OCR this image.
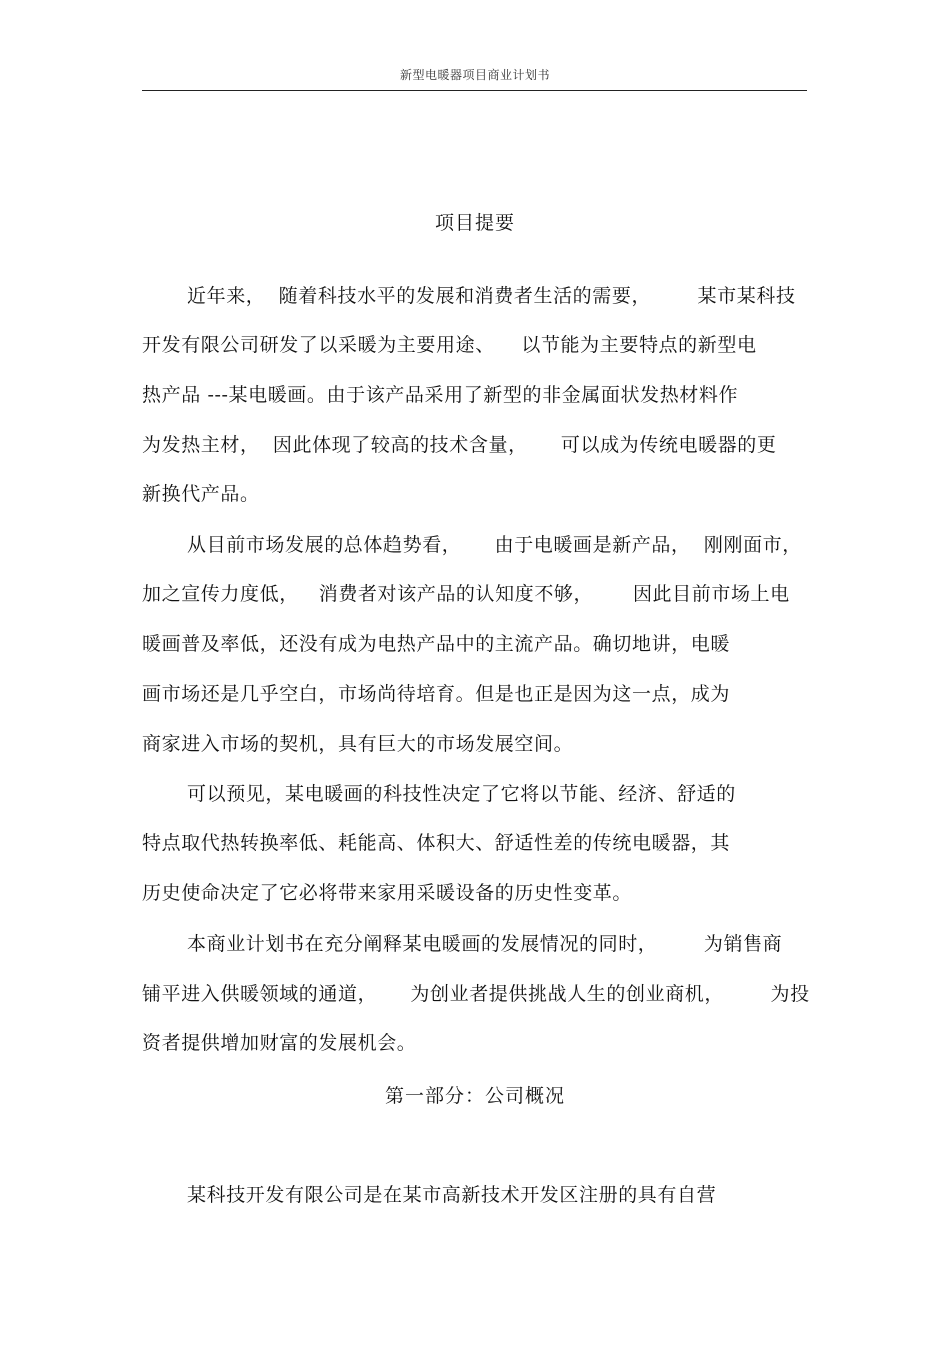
新型电暖器项目商业计划书
项目提要
近年来，  随着科技水平的发展和消费者生活的需要，       某市某科技
开发有限公司研发了以采暖为主要用途、    以节能为主要特点的新型电
热产品 ---某电暖画。由于该产品采用了新型的非金属面状发热材料作
为发热主材，  因此体现了较高的技术含量，     可以成为传统电暖器的更
新换代产品。
从目前市场发展的总体趋势看，     由于电暖画是新产品，  刚刚面市，
加之宣传力度低，   消费者对该产品的认知度不够，      因此目前市场上电
暖画普及率低，还没有成为电热产品中的主流产品。确切地讲，电暖
画市场还是几乎空白，市场尚待培育。但是也正是因为这一点，成为
商家进入市场的契机，具有巨大的市场发展空间。
可以预见，某电暖画的科技性决定了它将以节能、经济、舒适的
特点取代热转换率低、耗能高、体积大、舒适性差的传统电暖器，其
历史使命决定了它必将带来家用采暖设备的历史性变革。
本商业计划书在充分阐释某电暖画的发展情况的同时，       为销售商
铺平进入供暖领域的通道，     为创业者提供挑战人生的创业商机，       为投
资者提供增加财富的发展机会。
第一部分：公司概况
某科技开发有限公司是在某市高新技术开发区注册的具有自营
